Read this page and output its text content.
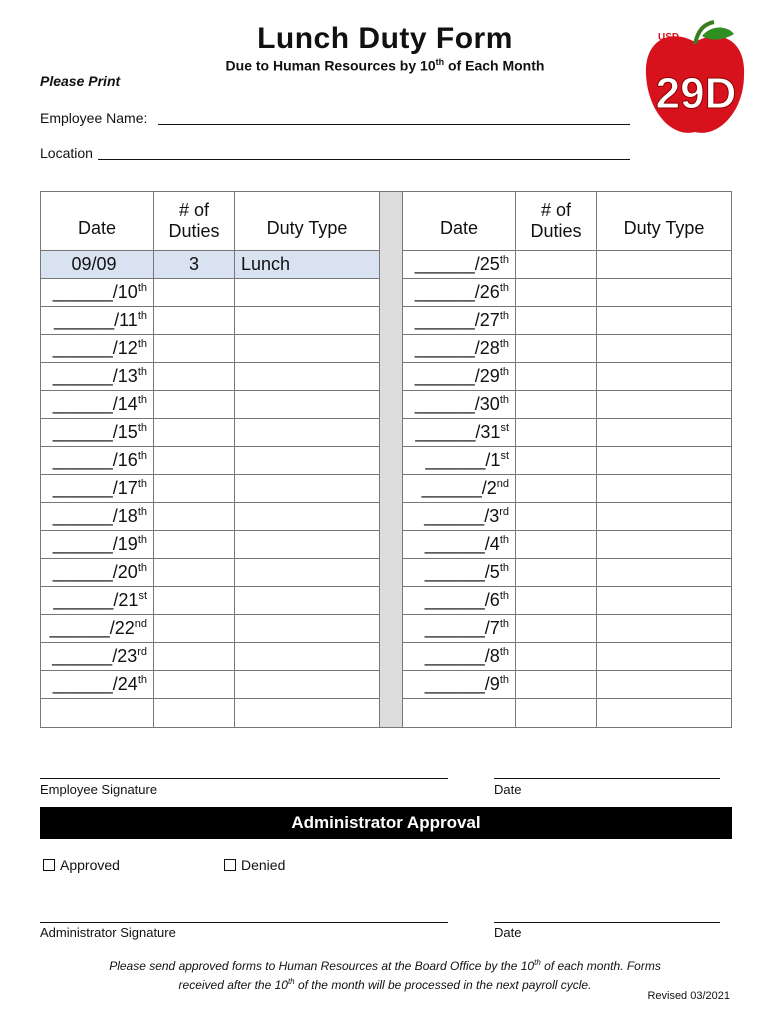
Lunch Duty Form
Due to Human Resources by 10th of Each Month
Please Print
Employee Name:
Location
USD
29D
Date	# of Duties	Duty Type		Date	# of Duties	Duty Type
09/09	3	Lunch		______/25th		
______/10th				______/26th		
______/11th				______/27th		
______/12th				______/28th		
______/13th				______/29th		
______/14th				______/30th		
______/15th				______/31st		
______/16th				______/1st		
______/17th				______/2nd		
______/18th				______/3rd		
______/19th				______/4th		
______/20th				______/5th		
______/21st				______/6th		
______/22nd				______/7th		
______/23rd				______/8th		
______/24th				______/9th		

Employee Signature	Date
Administrator Approval
Approved	Denied
Administrator Signature	Date
Please send approved forms to Human Resources at the Board Office by the 10th of each month. Forms
received after the 10th of the month will be processed in the next payroll cycle.
Revised 03/2021
